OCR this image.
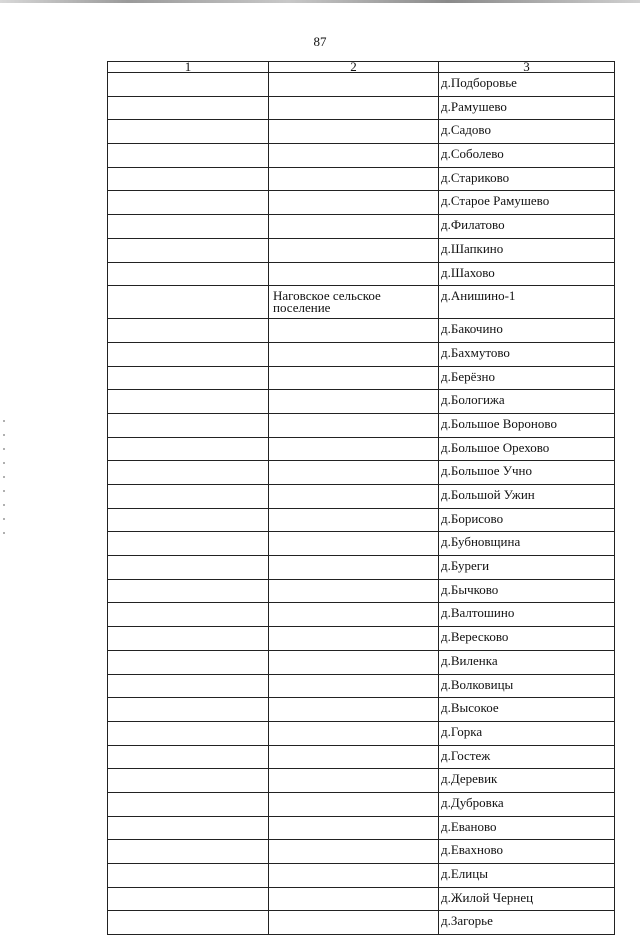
87
1	2	3
		д.Подборовье
		д.Рамушево
		д.Садово
		д.Соболево
		д.Стариково
		д.Старое Рамушево
		д.Филатово
		д.Шапкино
		д.Шахово

	Наговское сельское поселение	д.Анишино-1
		д.Бакочино
		д.Бахмутово
		д.Берёзно
		д.Бологижа
		д.Большое Вороново
		д.Большое Орехово
		д.Большое Учно
		д.Большой Ужин
		д.Борисово
		д.Бубновщина
		д.Буреги
		д.Бычково
		д.Валтошино
		д.Вересково
		д.Виленка
		д.Волковицы
		д.Высокое
		д.Горка
		д.Гостеж
		д.Деревик
		д.Дубровка
		д.Еваново
		д.Евахново
		д.Елицы
		д.Жилой Чернец
		д.Загорье
